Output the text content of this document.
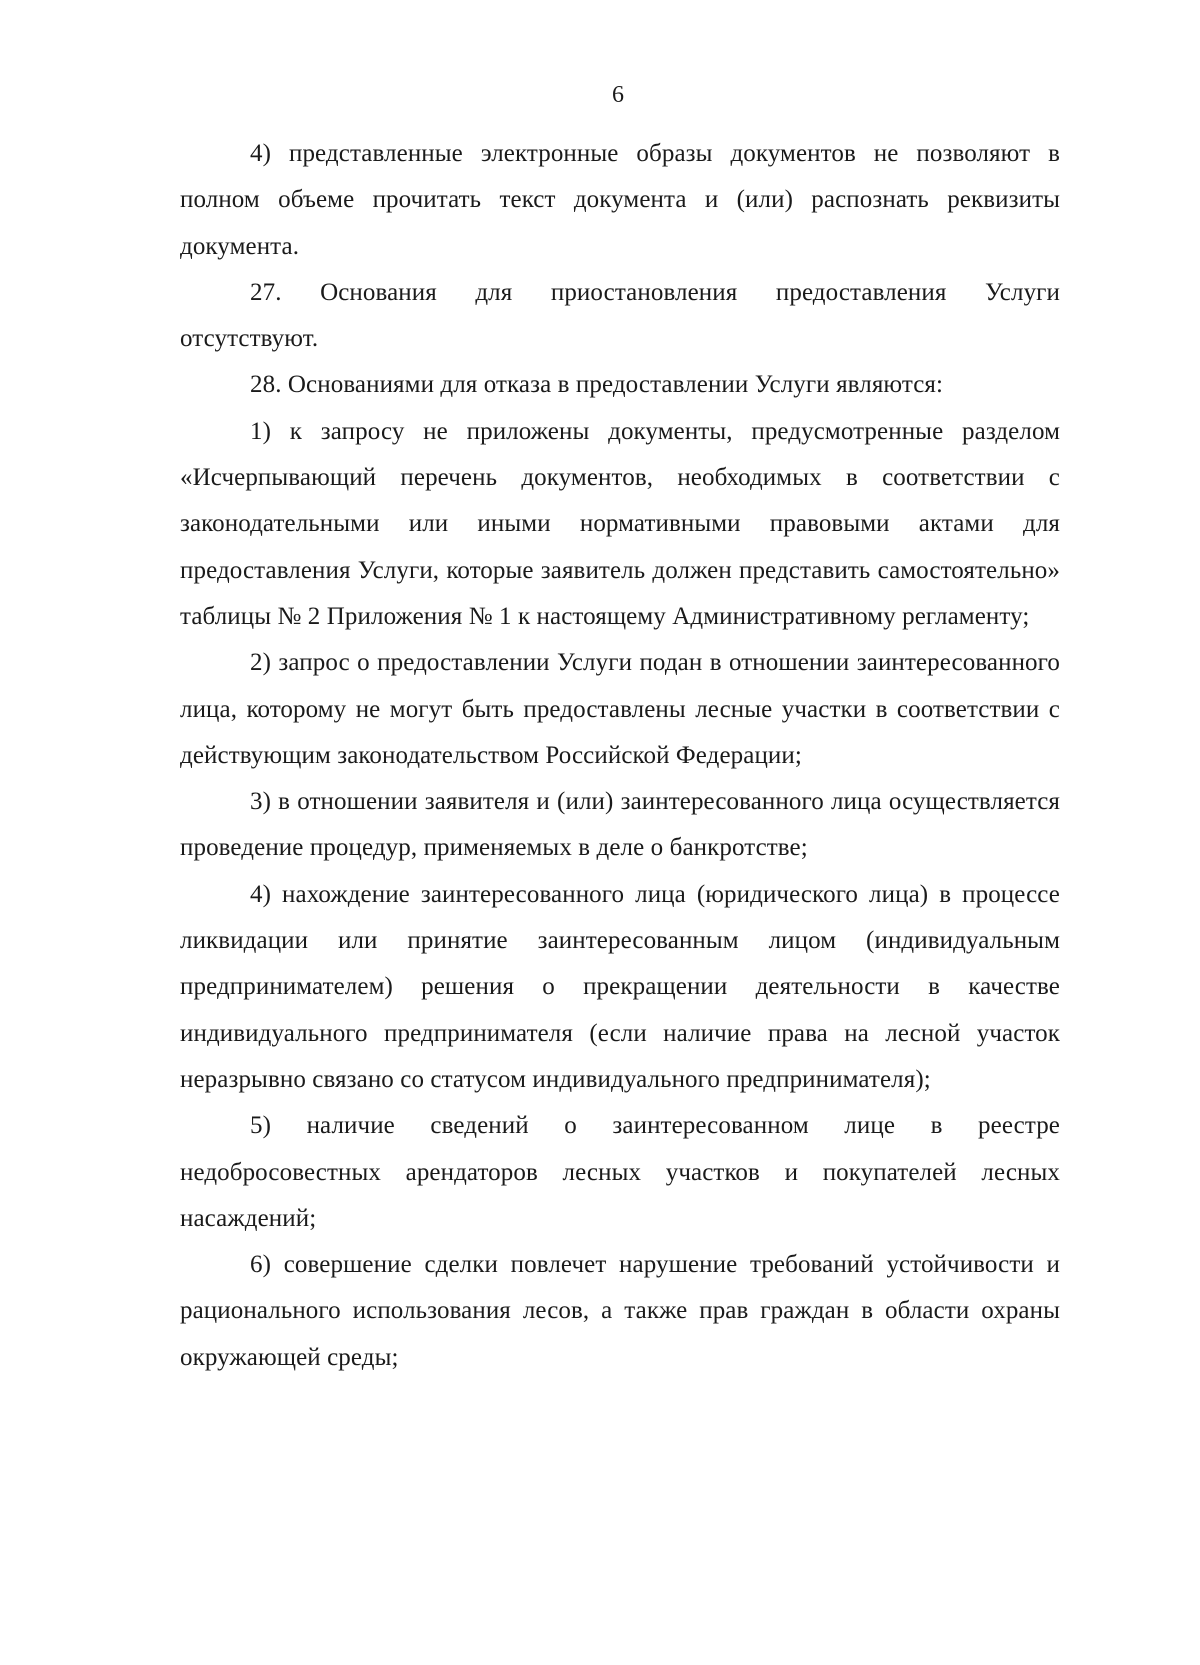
6

4) представленные электронные образы документов не позволяют в полном объеме прочитать текст документа и (или) распознать реквизиты документа.

27. Основания для приостановления предоставления Услуги отсутствуют.

28. Основаниями для отказа в предоставлении Услуги являются:

1) к запросу не приложены документы, предусмотренные разделом «Исчерпывающий перечень документов, необходимых в соответствии с законодательными или иными нормативными правовыми актами для предоставления Услуги, которые заявитель должен представить самостоятельно» таблицы № 2 Приложения № 1 к настоящему Административному регламенту;

2) запрос о предоставлении Услуги подан в отношении заинтересованного лица, которому не могут быть предоставлены лесные участки в соответствии с действующим законодательством Российской Федерации;

3) в отношении заявителя и (или) заинтересованного лица осуществляется проведение процедур, применяемых в деле о банкротстве;

4) нахождение заинтересованного лица (юридического лица) в процессе ликвидации или принятие заинтересованным лицом (индивидуальным предпринимателем) решения о прекращении деятельности в качестве индивидуального предпринимателя (если наличие права на лесной участок неразрывно связано со статусом индивидуального предпринимателя);

5) наличие сведений о заинтересованном лице в реестре недобросовестных арендаторов лесных участков и покупателей лесных насаждений;

6) совершение сделки повлечет нарушение требований устойчивости и рационального использования лесов, а также прав граждан в области охраны окружающей среды;
